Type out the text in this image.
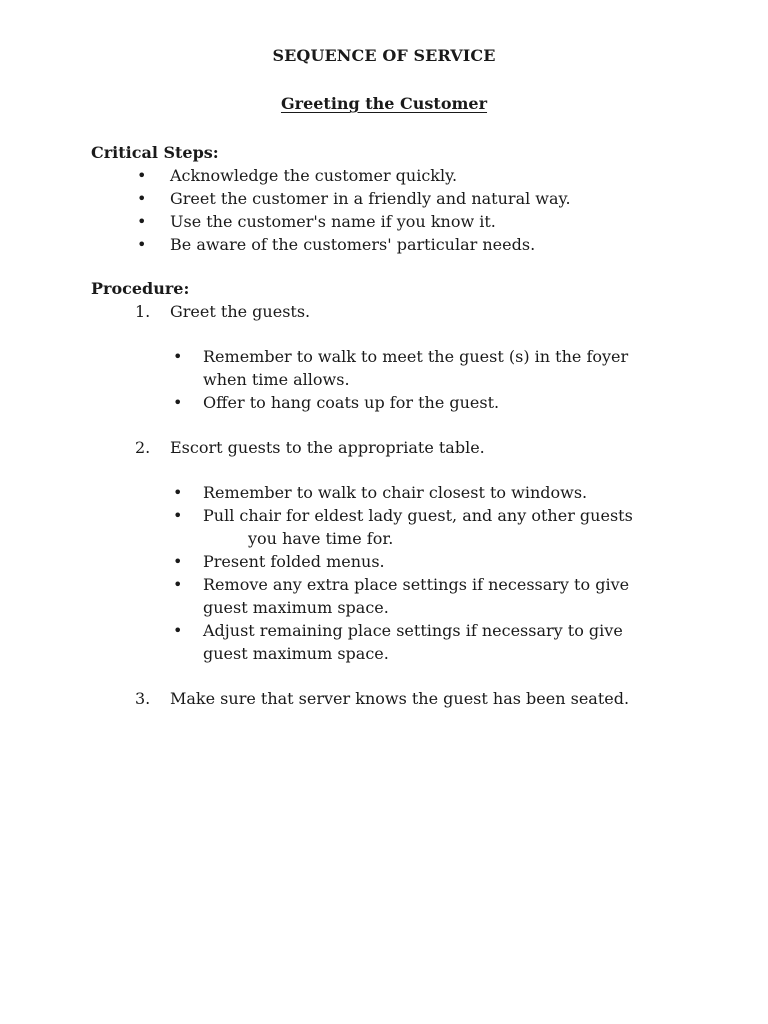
SEQUENCE OF SERVICE
Greeting the Customer
Critical Steps:
• Acknowledge the customer quickly.
• Greet the customer in a friendly and natural way.
• Use the customer's name if you know it.
• Be aware of the customers' particular needs.
Procedure:
1. Greet the guests.
• Remember to walk to meet the guest (s) in the foyer when time allows.
• Offer to hang coats up for the guest.
2. Escort guests to the appropriate table.
• Remember to walk to chair closest to windows.
• Pull chair for eldest lady guest, and any other guests
you have time for.
• Present folded menus.
• Remove any extra place settings if necessary to give guest maximum space.
• Adjust remaining place settings if necessary to give guest maximum space.
3. Make sure that server knows the guest has been seated.
